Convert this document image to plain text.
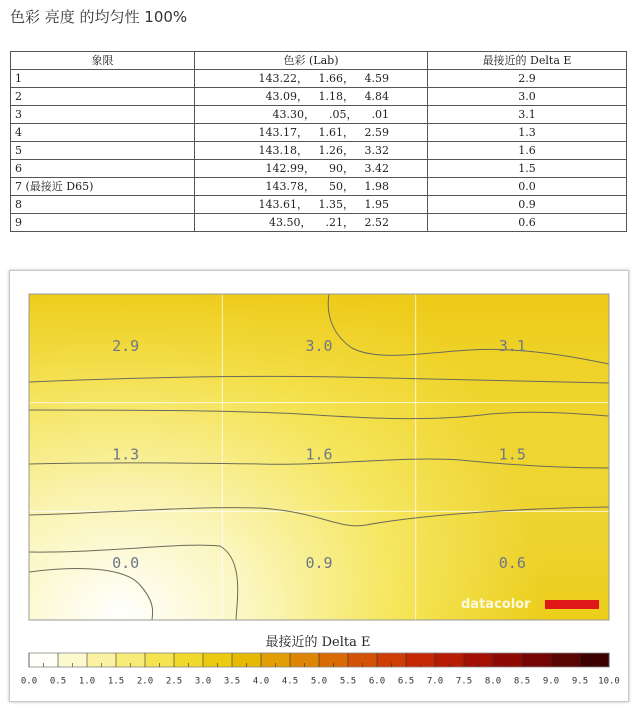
色彩 亮度 的均匀性 100%
象限	色彩 (Lab)	最接近的 Delta E
1	143.22，   1.66，   4.59	2.9
2	43.09，   1.18，   4.84	3.0
3	43.30，    .05，    .01	3.1
4	143.17，   1.61，   2.59	1.3
5	143.18，   1.26，   3.32	1.6
6	142.99，    90，   3.42	1.5
7 (最接近 D65)	143.78，    50，   1.98	0.0
8	143.61，   1.35，   1.95	0.9
9	43.50，    .21，   2.52	0.6
2.9	3.0	3.1
1.3	1.6	1.5
0.0	0.9	0.6
datacolor
最接近的 Delta E
0.0 0.5 1.0 1.5 2.0 2.5 3.0 3.5 4.0 4.5 5.0 5.5 6.0 6.5 7.0 7.5 8.0 8.5 9.0 9.5 10.0
